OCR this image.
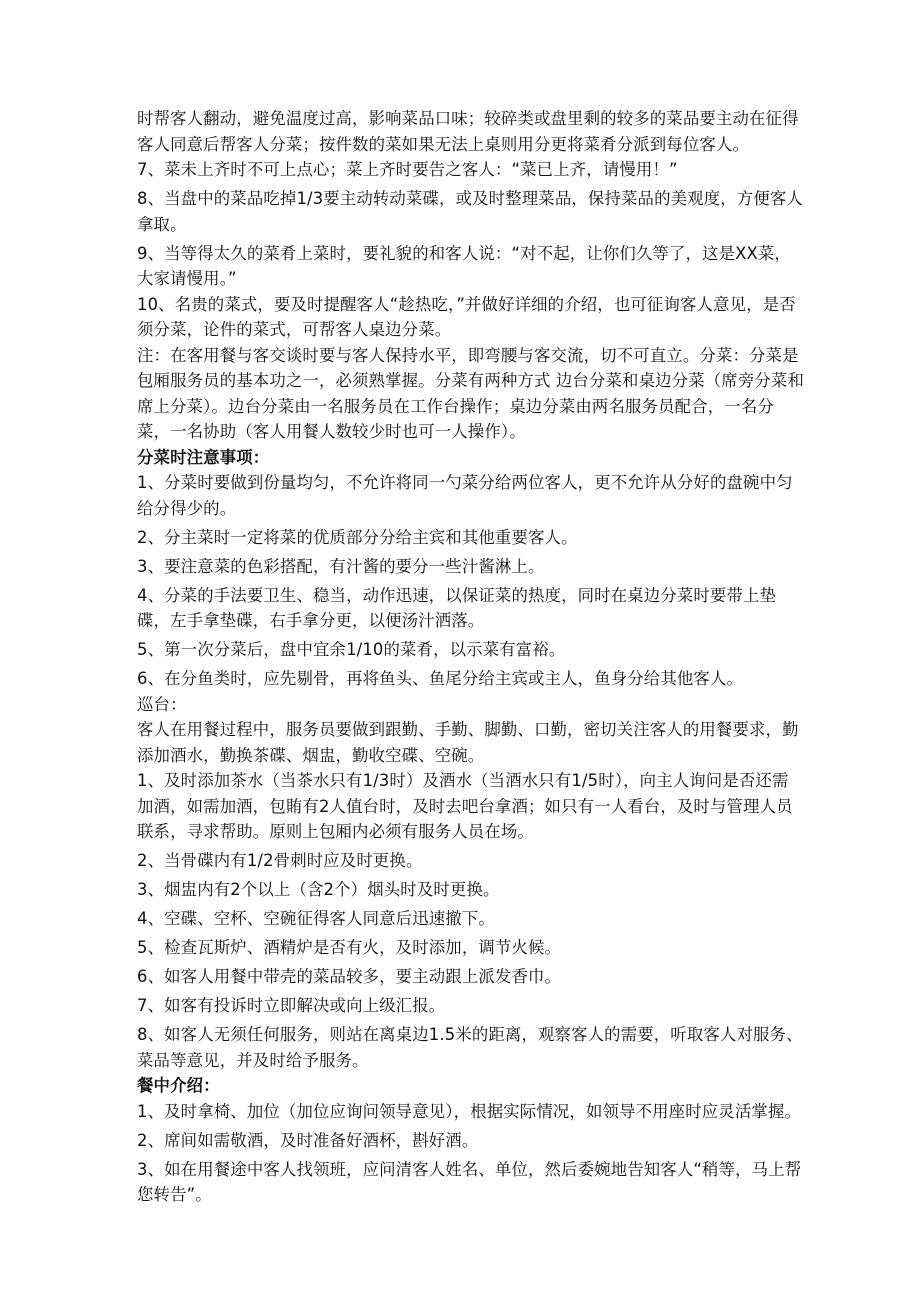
时帮客人翻动，避免温度过高，影响菜品口味；较碎类或盘里剩的较多的菜品要主动在征得客人同意后帮客人分菜；按件数的菜如果无法上桌则用分更将菜肴分派到每位客人。

7、菜未上齐时不可上点心；菜上齐时要告之客人：“菜已上齐，请慢用！”

8、当盘中的菜品吃掉1/3要主动转动菜碟，或及时整理菜品，保持菜品的美观度，方便客人拿取。

9、当等得太久的菜肴上菜时，要礼貌的和客人说：“对不起，让你们久等了，这是XX菜，大家请慢用。”

10、名贵的菜式，要及时提醒客人“趁热吃，”并做好详细的介绍，也可征询客人意见，是否须分菜，论件的菜式，可帮客人桌边分菜。

注：在客用餐与客交谈时要与客人保持水平，即弯腰与客交流，切不可直立。分菜：分菜是包厢服务员的基本功之一，必须熟掌握。分菜有两种方式 边台分菜和桌边分菜（席旁分菜和席上分菜）。边台分菜由一名服务员在工作台操作；桌边分菜由两名服务员配合，一名分菜，一名协助（客人用餐人数较少时也可一人操作）。

分菜时注意事项：

1、分菜时要做到份量均匀，不允许将同一勺菜分给两位客人，更不允许从分好的盘碗中匀给分得少的。

2、分主菜时一定将菜的优质部分分给主宾和其他重要客人。

3、要注意菜的色彩搭配，有汁酱的要分一些汁酱淋上。

4、分菜的手法要卫生、稳当，动作迅速，以保证菜的热度，同时在桌边分菜时要带上垫碟，左手拿垫碟，右手拿分更，以便汤汁洒落。

5、第一次分菜后，盘中宜余1/10的菜肴，以示菜有富裕。

6、在分鱼类时，应先剔骨，再将鱼头、鱼尾分给主宾或主人，鱼身分给其他客人。

巡台：

客人在用餐过程中，服务员要做到跟勤、手勤、脚勤、口勤，密切关注客人的用餐要求，勤添加酒水，勤换茶碟、烟盅，勤收空碟、空碗。

1、及时添加茶水（当茶水只有1/3时）及酒水（当酒水只有1/5时），向主人询问是否还需加酒，如需加酒，包賄有2人值台时，及时去吧台拿酒；如只有一人看台，及时与管理人员联系，寻求帮助。原则上包厢内必须有服务人员在场。

2、当骨碟内有1/2骨刺时应及时更换。

3、烟盅内有2个以上（含2个）烟头时及时更换。

4、空碟、空杯、空碗征得客人同意后迅速撤下。

5、检查瓦斯炉、酒精炉是否有火，及时添加，调节火候。

6、如客人用餐中带壳的菜品较多，要主动跟上派发香巾。

7、如客有投诉时立即解决或向上级汇报。

8、如客人无须任何服务，则站在离桌边1.5米的距离，观察客人的需要，听取客人对服务、菜品等意见，并及时给予服务。

餐中介绍：

1、及时拿椅、加位（加位应询问领导意见），根据实际情况，如领导不用座时应灵活掌握。

2、席间如需敬酒，及时准备好酒杯，斟好酒。

3、如在用餐途中客人找领班，应问清客人姓名、单位，然后委婉地告知客人“稍等，马上帮您转告”。
